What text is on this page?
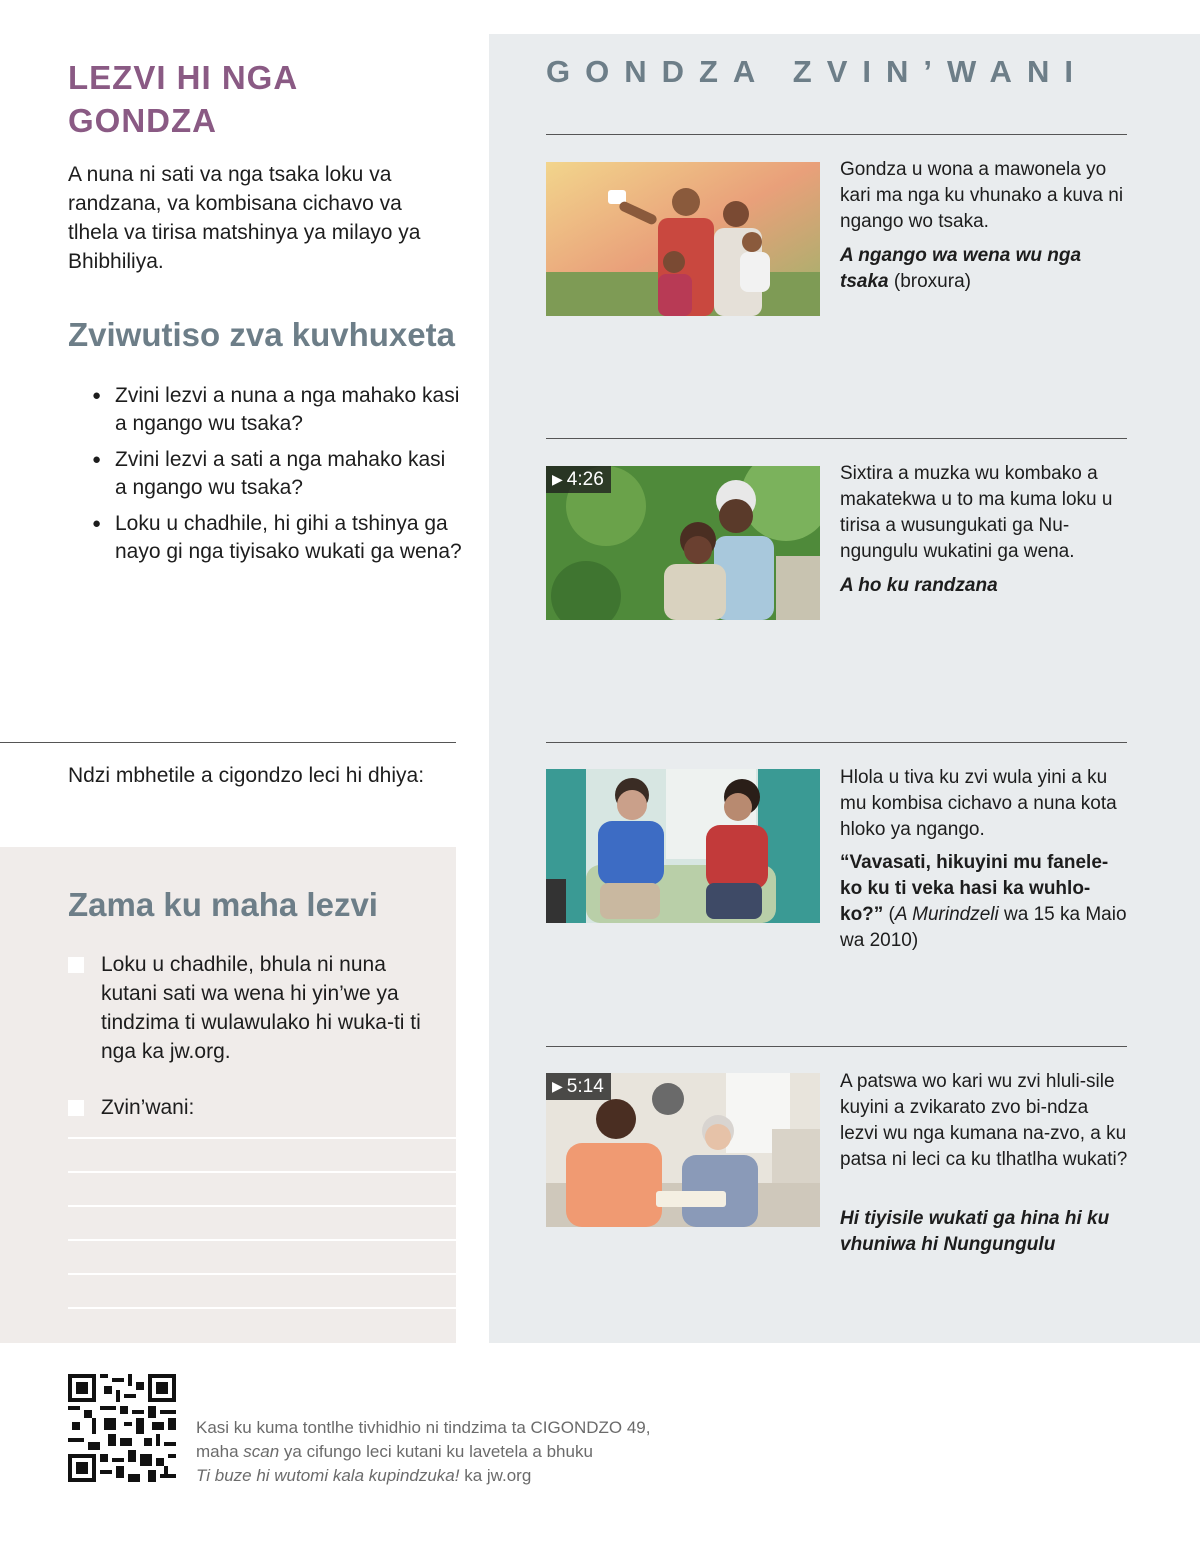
LEZVI HI NGA GONDZA

A nuna ni sati va nga tsaka loku va randzana, va kombisana cichavo va tlhela va tirisa matshinya ya milayo ya Bhibhiliya.

Zviwutiso zva kuvhuxeta
● Zvini lezvi a nuna a nga mahako kasi a ngango wu tsaka?
● Zvini lezvi a sati a nga mahako kasi a ngango wu tsaka?
● Loku u chadhile, hi gihi a tshinya ga nayo gi nga tiyisako wukati ga wena?

Ndzi mbhetile a cigondzo leci hi dhiya:

Zama ku maha lezvi
Loku u chadhile, bhula ni nuna kutani sati wa wena hi yin’we ya tindzima ti wulawulako hi wuka-ti ti nga ka jw.org.
Zvin’wani:
GONDZA ZVIN’WANI

Gondza u wona a mawonela yo kari ma nga ku vhunako a kuva ni ngango wo tsaka.

A ngango wa wena wu nga tsaka (broxura)

▶ 4:26	Sixtira a muzka wu kombako a makatekwa u to ma kuma loku u tirisa a wusungukati ga Nu-ngungulu wukatini ga wena.

A ho ku randzana

Hlola u tiva ku zvi wula yini a ku mu kombisa cichavo a nuna kota hloko ya ngango.

“Vavasati, hikuyini mu fanele-ko ku ti veka hasi ka wuhlo-ko?” (A Murindzeli wa 15 ka Maio wa 2010)

▶ 5:14	A patswa wo kari wu zvi hluli-sile kuyini a zvikarato zvo bi-ndza lezvi wu nga kumana na-zvo, a ku patsa ni leci ca ku tlhatlha wukati?

Hi tiyisile wukati ga hina hi ku vhuniwa hi Nungungulu

Kasi ku kuma tontlhe tivhidhio ni tindzima ta CIGONDZO 49,
maha scan ya cifungo leci kutani ku lavetela a bhuku
Ti buze hi wutomi kala kupindzuka! ka jw.org
